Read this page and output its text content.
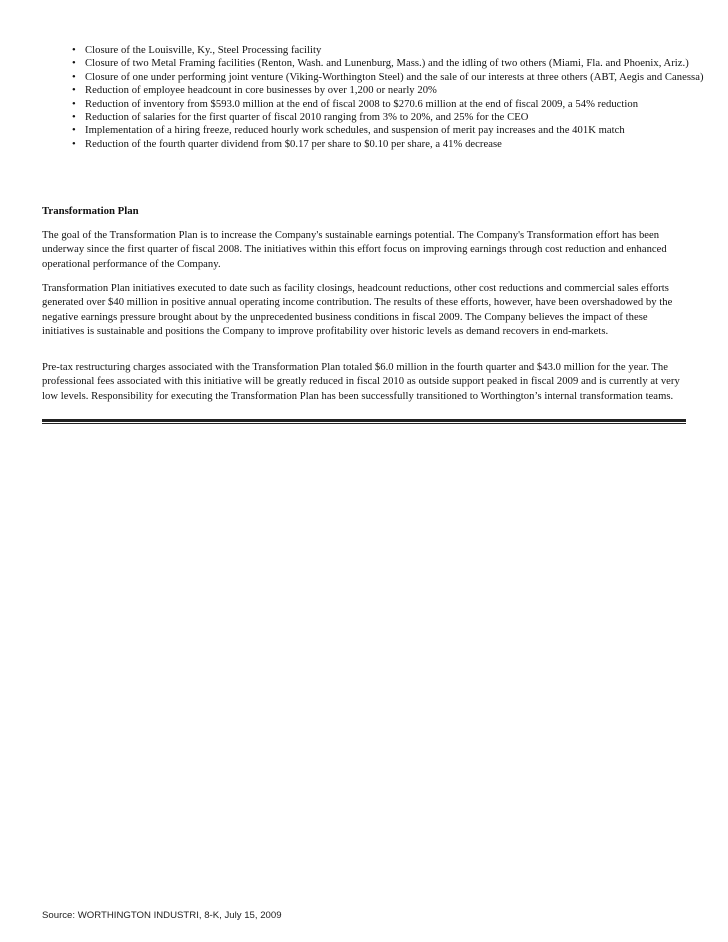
• Closure of the Louisville, Ky., Steel Processing facility
• Closure of two Metal Framing facilities (Renton, Wash. and Lunenburg, Mass.) and the idling of two others (Miami, Fla. and Phoenix, Ariz.)
• Closure of one under performing joint venture (Viking-Worthington Steel) and the sale of our interests at three others (ABT, Aegis and Canessa)
• Reduction of employee headcount in core businesses by over 1,200 or nearly 20%
• Reduction of inventory from $593.0 million at the end of fiscal 2008 to $270.6 million at the end of fiscal 2009, a 54% reduction
• Reduction of salaries for the first quarter of fiscal 2010 ranging from 3% to 20%, and 25% for the CEO
• Implementation of a hiring freeze, reduced hourly work schedules, and suspension of merit pay increases and the 401K match
• Reduction of the fourth quarter dividend from $0.17 per share to $0.10 per share, a 41% decrease
Transformation Plan

The goal of the Transformation Plan is to increase the Company's sustainable earnings potential. The Company's Transformation effort has been underway since the first quarter of fiscal 2008. The initiatives within this effort focus on improving earnings through cost reduction and enhanced operational performance of the Company.

Transformation Plan initiatives executed to date such as facility closings, headcount reductions, other cost reductions and commercial sales efforts generated over $40 million in positive annual operating income contribution. The results of these efforts, however, have been overshadowed by the negative earnings pressure brought about by the unprecedented business conditions in fiscal 2009. The Company believes the impact of these initiatives is sustainable and positions the Company to improve profitability over historic levels as demand recovers in end-markets.

Pre-tax restructuring charges associated with the Transformation Plan totaled $6.0 million in the fourth quarter and $43.0 million for the year. The professional fees associated with this initiative will be greatly reduced in fiscal 2010 as outside support peaked in fiscal 2009 and is currently at very low levels. Responsibility for executing the Transformation Plan has been successfully transitioned to Worthington’s internal transformation teams.

Source: WORTHINGTON INDUSTRI, 8-K, July 15, 2009
